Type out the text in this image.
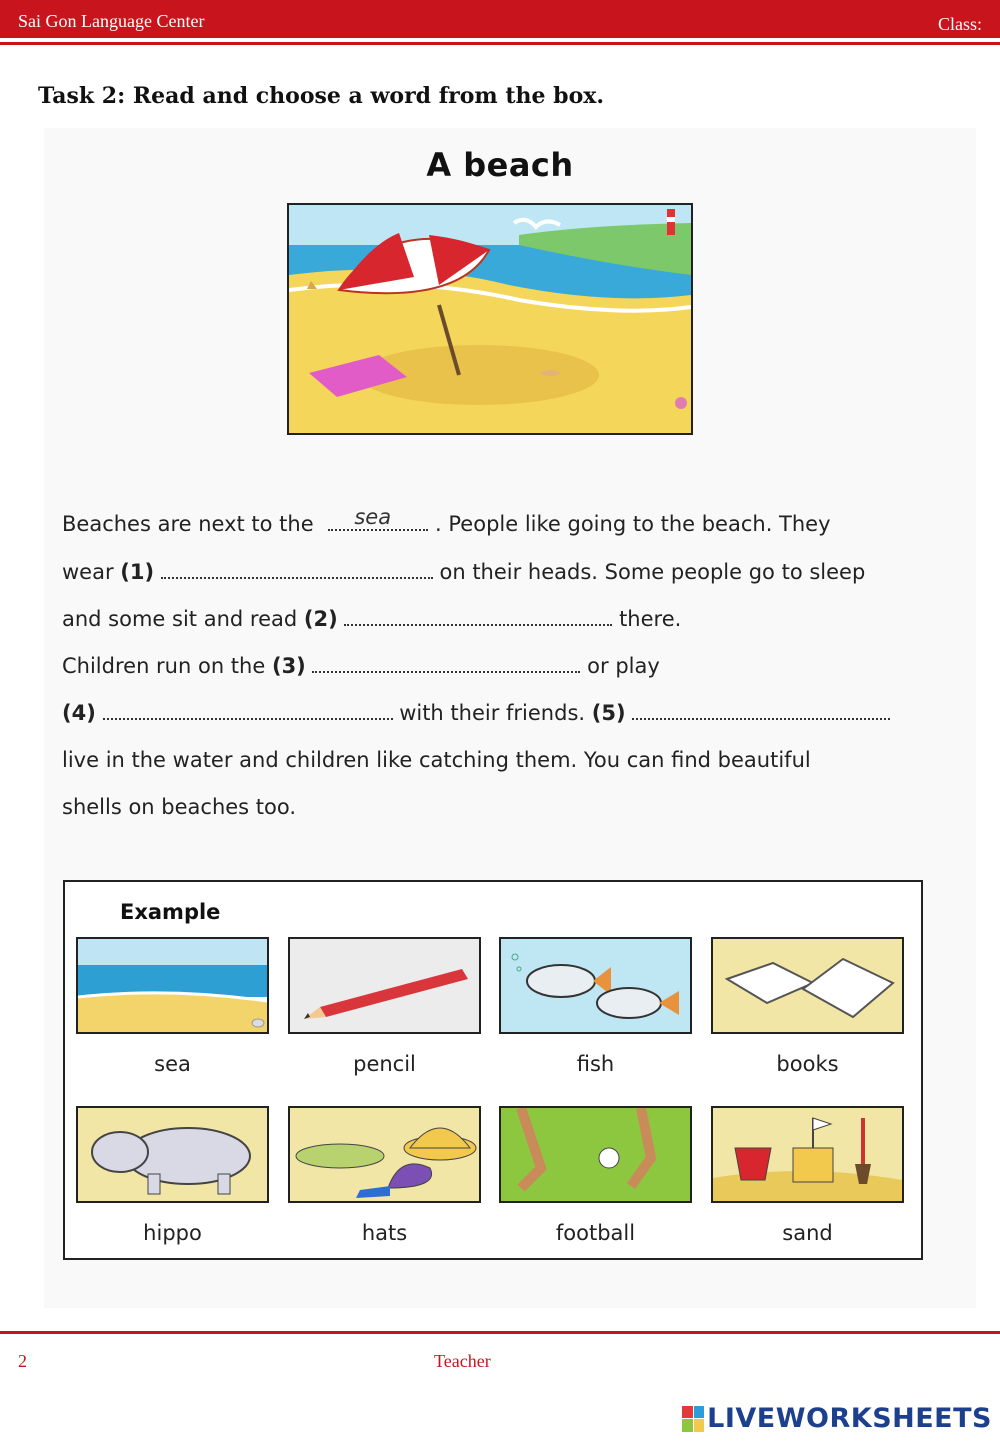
Sai Gon Language Center	Class:
Task 2: Read and choose a word from the box.
A beach
Beaches are next to the sea . People like going to the beach. They
wear (1)	on their heads. Some people go to sleep
and some sit and read (2)	there.
Children run on the (3)	or play
(4)	with their friends. (5)
live in the water and children like catching them. You can find beautiful
shells on beaches too.
Example
sea	pencil	fish	books
hippo	hats	football	sand
2	Teacher
LIVEWORKSHEETS
